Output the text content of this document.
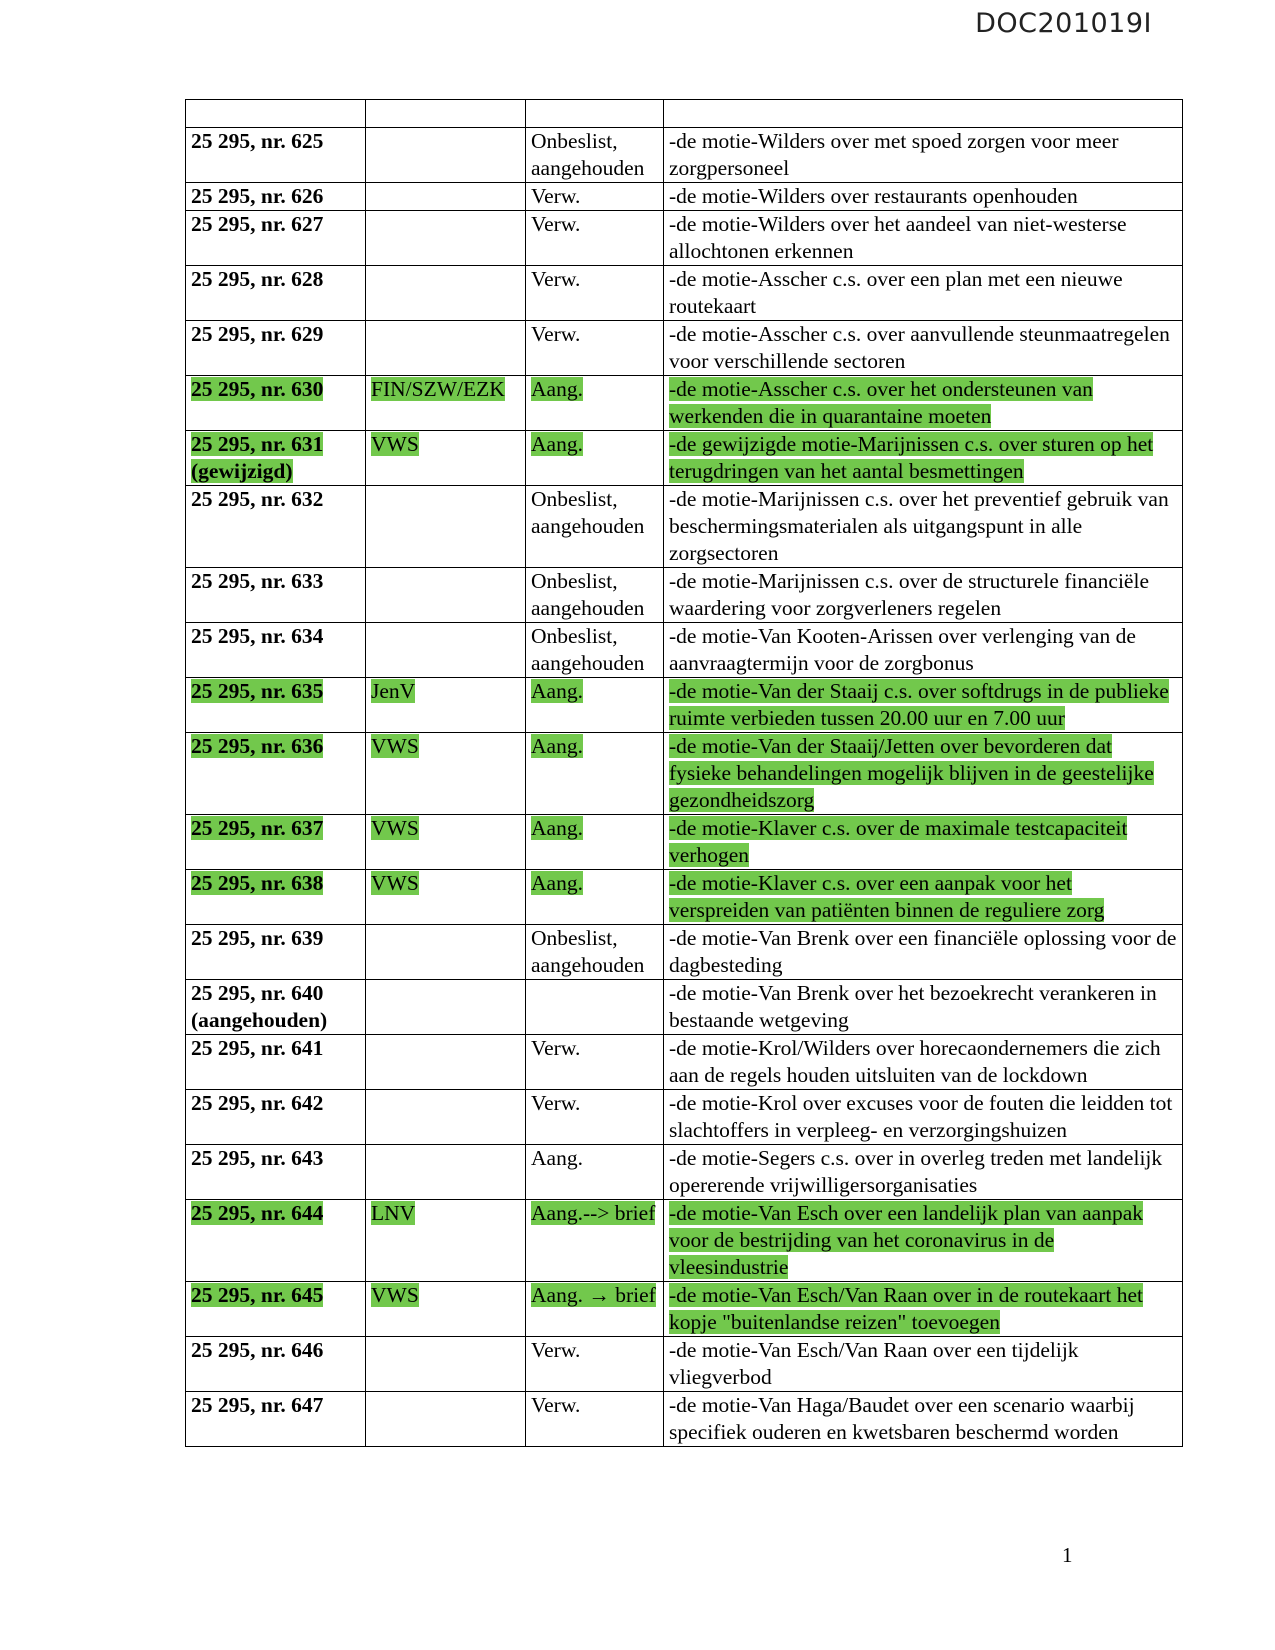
DOC201019I

25 295, nr. 625		Onbeslist, aangehouden	-de motie-Wilders over met spoed zorgen voor meer zorgpersoneel
25 295, nr. 626		Verw.	-de motie-Wilders over restaurants openhouden
25 295, nr. 627		Verw.	-de motie-Wilders over het aandeel van niet-westerse allochtonen erkennen
25 295, nr. 628		Verw.	-de motie-Asscher c.s. over een plan met een nieuwe routekaart
25 295, nr. 629		Verw.	-de motie-Asscher c.s. over aanvullende steunmaatregelen voor verschillende sectoren
25 295, nr. 630	FIN/SZW/EZK	Aang.	-de motie-Asscher c.s. over het ondersteunen van werkenden die in quarantaine moeten
25 295, nr. 631 (gewijzigd)	VWS	Aang.	-de gewijzigde motie-Marijnissen c.s. over sturen op het terugdringen van het aantal besmettingen
25 295, nr. 632		Onbeslist, aangehouden	-de motie-Marijnissen c.s. over het preventief gebruik van beschermingsmaterialen als uitgangspunt in alle zorgsectoren
25 295, nr. 633		Onbeslist, aangehouden	-de motie-Marijnissen c.s. over de structurele financiële waardering voor zorgverleners regelen
25 295, nr. 634		Onbeslist, aangehouden	-de motie-Van Kooten-Arissen over verlenging van de aanvraagtermijn voor de zorgbonus
25 295, nr. 635	JenV	Aang.	-de motie-Van der Staaij c.s. over softdrugs in de publieke ruimte verbieden tussen 20.00 uur en 7.00 uur
25 295, nr. 636	VWS	Aang.	-de motie-Van der Staaij/Jetten over bevorderen dat fysieke behandelingen mogelijk blijven in de geestelijke gezondheidszorg
25 295, nr. 637	VWS	Aang.	-de motie-Klaver c.s. over de maximale testcapaciteit verhogen
25 295, nr. 638	VWS	Aang.	-de motie-Klaver c.s. over een aanpak voor het verspreiden van patiënten binnen de reguliere zorg
25 295, nr. 639		Onbeslist, aangehouden	-de motie-Van Brenk over een financiële oplossing voor de dagbesteding
25 295, nr. 640 (aangehouden)			-de motie-Van Brenk over het bezoekrecht verankeren in bestaande wetgeving
25 295, nr. 641		Verw.	-de motie-Krol/Wilders over horecaondernemers die zich aan de regels houden uitsluiten van de lockdown
25 295, nr. 642		Verw.	-de motie-Krol over excuses voor de fouten die leidden tot slachtoffers in verpleeg- en verzorgingshuizen
25 295, nr. 643		Aang.	-de motie-Segers c.s. over in overleg treden met landelijk opererende vrijwilligersorganisaties
25 295, nr. 644	LNV	Aang.--> brief	-de motie-Van Esch over een landelijk plan van aanpak voor de bestrijding van het coronavirus in de vleesindustrie
25 295, nr. 645	VWS	Aang. → brief	-de motie-Van Esch/Van Raan over in de routekaart het kopje "buitenlandse reizen" toevoegen
25 295, nr. 646		Verw.	-de motie-Van Esch/Van Raan over een tijdelijk vliegverbod
25 295, nr. 647		Verw.	-de motie-Van Haga/Baudet over een scenario waarbij specifiek ouderen en kwetsbaren beschermd worden
1
